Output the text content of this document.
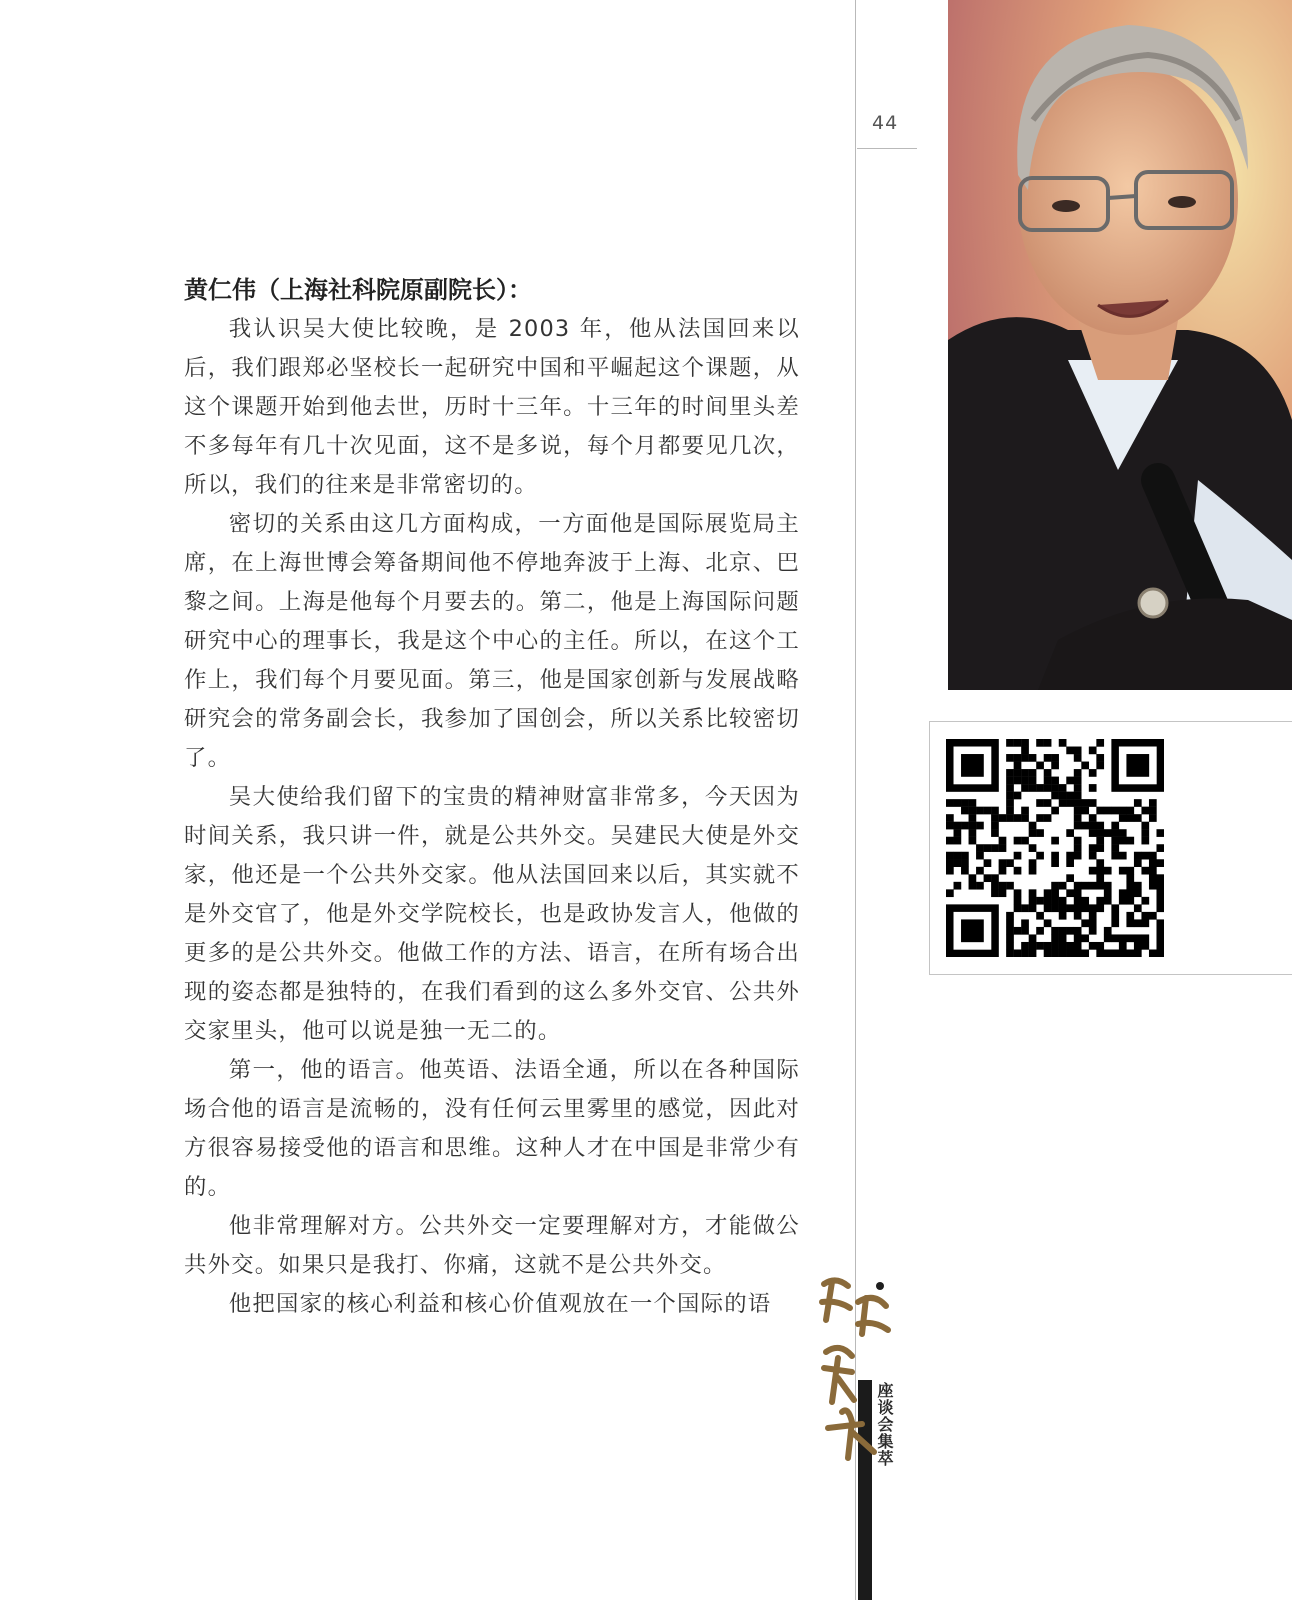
44

黄仁伟（上海社科院原副院长）：

我认识吴大使比较晚，是 2003 年，他从法国回来以后，我们跟郑必坚校长一起研究中国和平崛起这个课题，从这个课题开始到他去世，历时十三年。十三年的时间里头差不多每年有几十次见面，这不是多说，每个月都要见几次，所以，我们的往来是非常密切的。

密切的关系由这几方面构成，一方面他是国际展览局主席，在上海世博会筹备期间他不停地奔波于上海、北京、巴黎之间。上海是他每个月要去的。第二，他是上海国际问题研究中心的理事长，我是这个中心的主任。所以，在这个工作上，我们每个月要见面。第三，他是国家创新与发展战略研究会的常务副会长，我参加了国创会，所以关系比较密切了。

吴大使给我们留下的宝贵的精神财富非常多，今天因为时间关系，我只讲一件，就是公共外交。吴建民大使是外交家，他还是一个公共外交家。他从法国回来以后，其实就不是外交官了，他是外交学院校长，也是政协发言人，他做的更多的是公共外交。他做工作的方法、语言，在所有场合出现的姿态都是独特的，在我们看到的这么多外交官、公共外交家里头，他可以说是独一无二的。

第一，他的语言。他英语、法语全通，所以在各种国际场合他的语言是流畅的，没有任何云里雾里的感觉，因此对方很容易接受他的语言和思维。这种人才在中国是非常少有的。

他非常理解对方。公共外交一定要理解对方，才能做公共外交。如果只是我打、你痛，这就不是公共外交。

他把国家的核心利益和核心价值观放在一个国际的语

座谈会集萃
